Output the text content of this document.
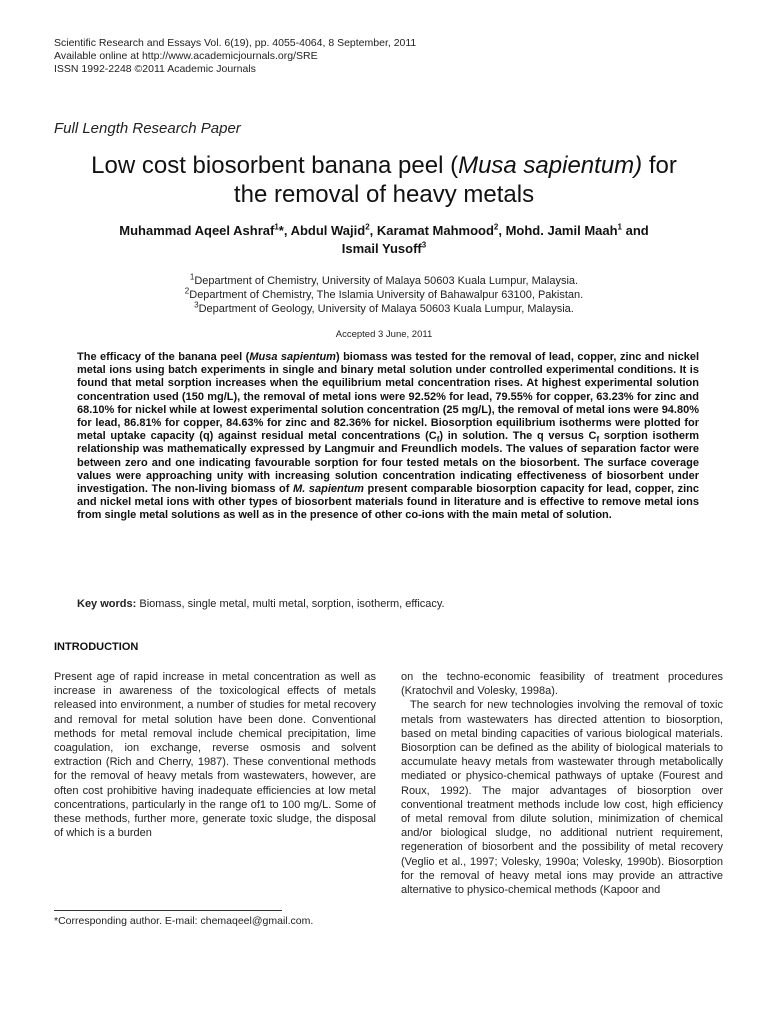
Scientific Research and Essays Vol. 6(19), pp. 4055-4064, 8 September, 2011
Available online at http://www.academicjournals.org/SRE
ISSN 1992-2248 ©2011 Academic Journals
Full Length Research Paper
Low cost biosorbent banana peel (Musa sapientum) for
the removal of heavy metals
Muhammad Aqeel Ashraf$^1$*, Abdul Wajid$^2$, Karamat Mahmood$^2$, Mohd. Jamil Maah$^1$ and
Ismail Yusoff$^3$
$^1$Department of Chemistry, University of Malaya 50603 Kuala Lumpur, Malaysia.
$^2$Department of Chemistry, The Islamia University of Bahawalpur 63100, Pakistan.
$^3$Department of Geology, University of Malaya 50603 Kuala Lumpur, Malaysia.
Accepted 3 June, 2011
The efficacy of the banana peel (Musa sapientum) biomass was tested for the removal of lead, copper, zinc and nickel metal ions using batch experiments in single and binary metal solution under controlled experimental conditions. It is found that metal sorption increases when the equilibrium metal concentration rises. At highest experimental solution concentration used (150 mg/L), the removal of metal ions were 92.52% for lead, 79.55% for copper, 63.23% for zinc and 68.10% for nickel while at lowest experimental solution concentration (25 mg/L), the removal of metal ions were 94.80% for lead, 86.81% for copper, 84.63% for zinc and 82.36% for nickel. Biosorption equilibrium isotherms were plotted for metal uptake capacity (q) against residual metal concentrations $(C_f)$ in solution. The q versus $C_f$ sorption isotherm relationship was mathematically expressed by Langmuir and Freundlich models. The values of separation factor were between zero and one indicating favourable sorption for four tested metals on the biosorbent. The surface coverage values were approaching unity with increasing solution concentration indicating effectiveness of biosorbent under investigation. The non-living biomass of M. sapientum present comparable biosorption capacity for lead, copper, zinc and nickel metal ions with other types of biosorbent materials found in literature and is effective to remove metal ions from single metal solutions as well as in the presence of other co-ions with the main metal of solution.
Key words: Biomass, single metal, multi metal, sorption, isotherm, efficacy.
INTRODUCTION

Present age of rapid increase in metal concentration as well as increase in awareness of the toxicological effects of metals released into environment, a number of studies for metal recovery and removal for metal solution have been done. Conventional methods for metal removal include chemical precipitation, lime coagulation, ion exchange, reverse osmosis and solvent extraction (Rich and Cherry, 1987). These conventional methods for the removal of heavy metals from wastewaters, however, are often cost prohibitive having inadequate efficiencies at low metal concentrations, particularly in the range of1 to 100 mg/L. Some of these methods, further more, generate toxic sludge, the disposal of which is a burden

on the techno-economic feasibility of treatment procedures (Kratochvil and Volesky, 1998a).

The search for new technologies involving the removal of toxic metals from wastewaters has directed attention to biosorption, based on metal binding capacities of various biological materials. Biosorption can be defined as the ability of biological materials to accumulate heavy metals from wastewater through metabolically mediated or physico-chemical pathways of uptake (Fourest and Roux, 1992). The major advantages of biosorption over conventional treatment methods include low cost, high efficiency of metal removal from dilute solution, minimization of chemical and/or biological sludge, no additional nutrient requirement, regeneration of biosorbent and the possibility of metal recovery (Veglio et al., 1997; Volesky, 1990a; Volesky, 1990b). Biosorption for the removal of heavy metal ions may provide an attractive alternative to physico-chemical methods (Kapoor and

*Corresponding author. E-mail: chemaqeel@gmail.com.
